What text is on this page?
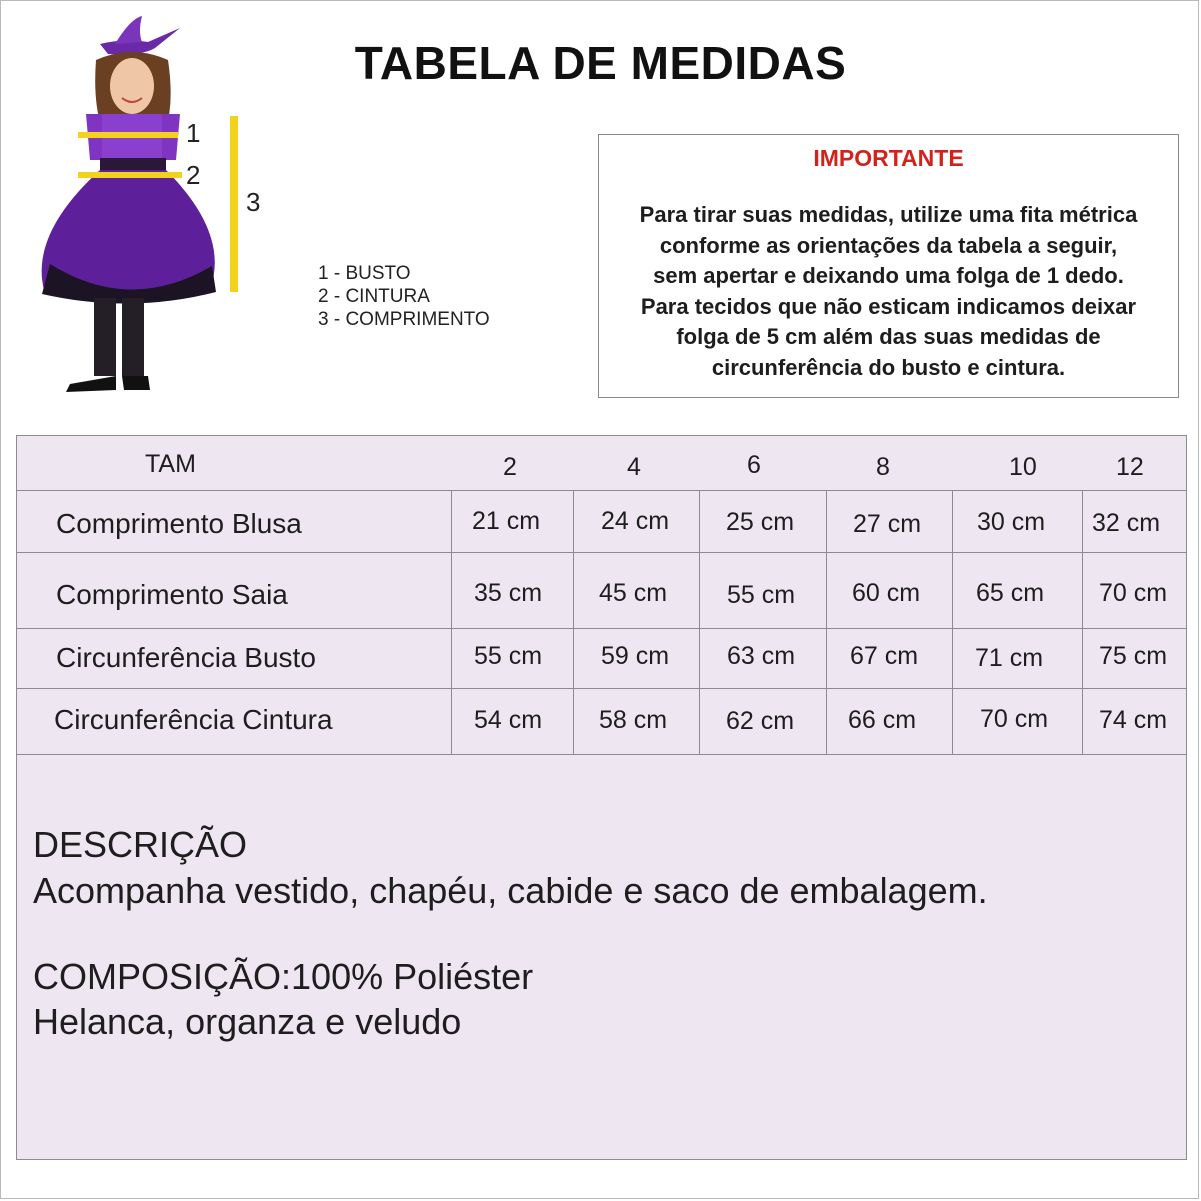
TABELA DE MEDIDAS
1
2
3
1 - BUSTO
2 - CINTURA
3 - COMPRIMENTO
IMPORTANTE
Para tirar suas medidas, utilize uma fita métrica
conforme as orientações da tabela a seguir,
sem apertar e deixando uma folga de 1 dedo.
Para tecidos que não esticam indicamos deixar
folga de 5 cm além das suas medidas de
circunferência do busto e cintura.
TAM	2	4	6	8	10	12
Comprimento Blusa	21 cm 24 cm 25 cm 27 cm 30 cm 32 cm
Comprimento Saia	35 cm 45 cm 55 cm 60 cm 65 cm 70 cm
Circunferência Busto	55 cm 59 cm 63 cm 67 cm 71 cm 75 cm
Circunferência Cintura	54 cm 58 cm 62 cm 66 cm	70 cm 74 cm
DESCRIÇÃO
Acompanha vestido, chapéu, cabide e saco de embalagem.
COMPOSIÇÃO:100% Poliéster
Helanca, organza e veludo
